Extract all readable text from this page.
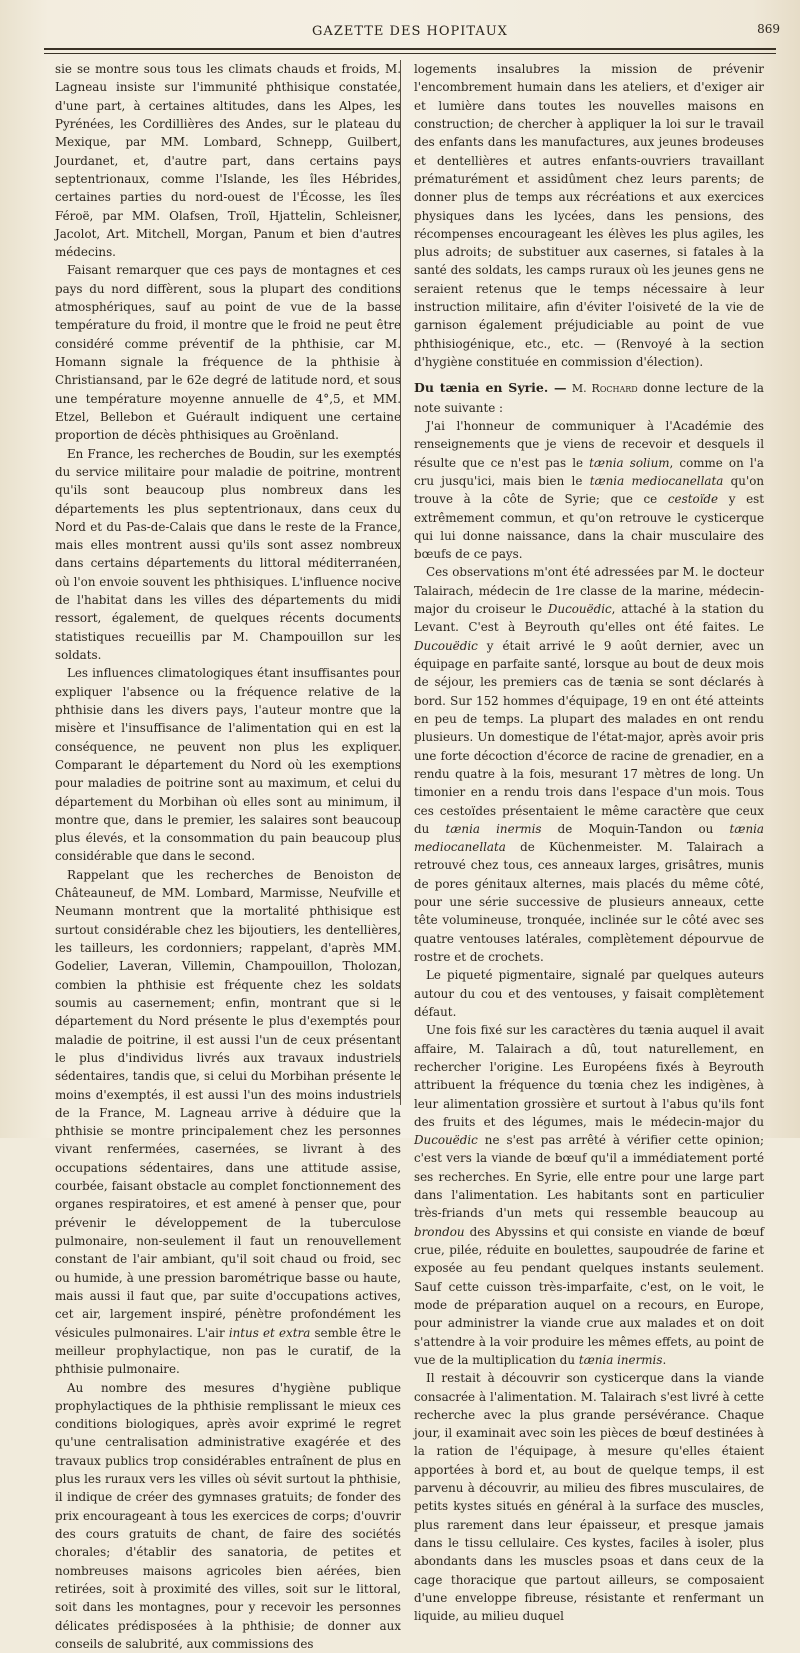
GAZETTE DES HOPITAUX	869

sie se montre sous tous les climats chauds et froids, M. Lagneau insiste sur l'immunité phthisique constatée, d'une part, à certaines altitudes, dans les Alpes, les Pyrénées, les Cordillières des Andes, sur le plateau du Mexique, par MM. Lombard, Schnepp, Guilbert, Jourdanet, et, d'autre part, dans certains pays septentrionaux, comme l'Islande, les îles Hébrides, certaines parties du nord-ouest de l'Écosse, les îles Féroë, par MM. Olafsen, Troïl, Hjattelin, Schleisner, Jacolot, Art. Mitchell, Morgan, Panum et bien d'autres médecins.

Faisant remarquer que ces pays de montagnes et ces pays du nord diffèrent, sous la plupart des conditions atmosphériques, sauf au point de vue de la basse température du froid, il montre que le froid ne peut être considéré comme préventif de la phthisie, car M. Homann signale la fréquence de la phthisie à Christiansand, par le 62e degré de latitude nord, et sous une température moyenne annuelle de 4°,5, et MM. Etzel, Bellebon et Guérault indiquent une certaine proportion de décès phthisiques au Groënland.

En France, les recherches de Boudin, sur les exemptés du service militaire pour maladie de poitrine, montrent qu'ils sont beaucoup plus nombreux dans les départements les plus septentrionaux, dans ceux du Nord et du Pas-de-Calais que dans le reste de la France, mais elles montrent aussi qu'ils sont assez nombreux dans certains départements du littoral méditerranéen, où l'on envoie souvent les phthisiques. L'influence nocive de l'habitat dans les villes des départements du midi ressort, également, de quelques récents documents statistiques recueillis par M. Champouillon sur les soldats.

Les influences climatologiques étant insuffisantes pour expliquer l'absence ou la fréquence relative de la phthisie dans les divers pays, l'auteur montre que la misère et l'insuffisance de l'alimentation qui en est la conséquence, ne peuvent non plus les expliquer. Comparant le département du Nord où les exemptions pour maladies de poitrine sont au maximum, et celui du département du Morbihan où elles sont au minimum, il montre que, dans le premier, les salaires sont beaucoup plus élevés, et la consommation du pain beaucoup plus considérable que dans le second.

Rappelant que les recherches de Benoiston de Châteauneuf, de MM. Lombard, Marmisse, Neufville et Neumann montrent que la mortalité phthisique est surtout considérable chez les bijoutiers, les dentellières, les tailleurs, les cordonniers; rappelant, d'après MM. Godelier, Laveran, Villemin, Champouillon, Tholozan, combien la phthisie est fréquente chez les soldats soumis au casernement; enfin, montrant que si le département du Nord présente le plus d'exemptés pour maladie de poitrine, il est aussi l'un de ceux présentant le plus d'individus livrés aux travaux industriels sédentaires, tandis que, si celui du Morbihan présente le moins d'exemptés, il est aussi l'un des moins industriels de la France, M. Lagneau arrive à déduire que la phthisie se montre principalement chez les personnes vivant renfermées, casernées, se livrant à des occupations sédentaires, dans une attitude assise, courbée, faisant obstacle au complet fonctionnement des organes respiratoires, et est amené à penser que, pour prévenir le développement de la tuberculose pulmonaire, non-seulement il faut un renouvellement constant de l'air ambiant, qu'il soit chaud ou froid, sec ou humide, à une pression barométrique basse ou haute, mais aussi il faut que, par suite d'occupations actives, cet air, largement inspiré, pénètre profondément les vésicules pulmonaires. L'air intus et extra semble être le meilleur prophylactique, non pas le curatif, de la phthisie pulmonaire.

Au nombre des mesures d'hygiène publique prophylactiques de la phthisie remplissant le mieux ces conditions biologiques, après avoir exprimé le regret qu'une centralisation administrative exagérée et des travaux publics trop considérables entraînent de plus en plus les ruraux vers les villes où sévit surtout la phthisie, il indique de créer des gymnases gratuits; de fonder des prix encourageant à tous les exercices de corps; d'ouvrir des cours gratuits de chant, de faire des sociétés chorales; d'établir des sanatoria, de petites et nombreuses maisons agricoles bien aérées, bien retirées, soit à proximité des villes, soit sur le littoral, soit dans les montagnes, pour y recevoir les personnes délicates prédisposées à la phthisie; de donner aux conseils de salubrité, aux commissions des

logements insalubres la mission de prévenir l'encombrement humain dans les ateliers, et d'exiger air et lumière dans toutes les nouvelles maisons en construction; de chercher à appliquer la loi sur le travail des enfants dans les manufactures, aux jeunes brodeuses et dentellières et autres enfants-ouvriers travaillant prématurément et assidûment chez leurs parents; de donner plus de temps aux récréations et aux exercices physiques dans les lycées, dans les pensions, des récompenses encourageant les élèves les plus agiles, les plus adroits; de substituer aux casernes, si fatales à la santé des soldats, les camps ruraux où les jeunes gens ne seraient retenus que le temps nécessaire à leur instruction militaire, afin d'éviter l'oisiveté de la vie de garnison également préjudiciable au point de vue phthisiogénique, etc., etc. — (Renvoyé à la section d'hygiène constituée en commission d'élection).

Du tænia en Syrie. — M. Rochard donne lecture de la note suivante :

J'ai l'honneur de communiquer à l'Académie des renseignements que je viens de recevoir et desquels il résulte que ce n'est pas le tænia solium, comme on l'a cru jusqu'ici, mais bien le tænia mediocanellata qu'on trouve à la côte de Syrie; que ce cestoïde y est extrêmement commun, et qu'on retrouve le cysticerque qui lui donne naissance, dans la chair musculaire des bœufs de ce pays.

Ces observations m'ont été adressées par M. le docteur Talairach, médecin de 1re classe de la marine, médecin-major du croiseur le Ducouëdic, attaché à la station du Levant. C'est à Beyrouth qu'elles ont été faites. Le Ducouëdic y était arrivé le 9 août dernier, avec un équipage en parfaite santé, lorsque au bout de deux mois de séjour, les premiers cas de tænia se sont déclarés à bord. Sur 152 hommes d'équipage, 19 en ont été atteints en peu de temps. La plupart des malades en ont rendu plusieurs. Un domestique de l'état-major, après avoir pris une forte décoction d'écorce de racine de grenadier, en a rendu quatre à la fois, mesurant 17 mètres de long. Un timonier en a rendu trois dans l'espace d'un mois. Tous ces cestoïdes présentaient le même caractère que ceux du tænia inermis de Moquin-Tandon ou tænia mediocanellata de Küchenmeister. M. Talairach a retrouvé chez tous, ces anneaux larges, grisâtres, munis de pores génitaux alternes, mais placés du même côté, pour une série successive de plusieurs anneaux, cette tête volumineuse, tronquée, inclinée sur le côté avec ses quatre ventouses latérales, complètement dépourvue de rostre et de crochets.

Le piqueté pigmentaire, signalé par quelques auteurs autour du cou et des ventouses, y faisait complètement défaut.

Une fois fixé sur les caractères du tænia auquel il avait affaire, M. Talairach a dû, tout naturellement, en rechercher l'origine. Les Européens fixés à Beyrouth attribuent la fréquence du tœnia chez les indigènes, à leur alimentation grossière et surtout à l'abus qu'ils font des fruits et des légumes, mais le médecin-major du Ducouëdic ne s'est pas arrêté à vérifier cette opinion; c'est vers la viande de bœuf qu'il a immédiatement porté ses recherches. En Syrie, elle entre pour une large part dans l'alimentation. Les habitants sont en particulier très-friands d'un mets qui ressemble beaucoup au brondou des Abyssins et qui consiste en viande de bœuf crue, pilée, réduite en boulettes, saupoudrée de farine et exposée au feu pendant quelques instants seulement. Sauf cette cuisson très-imparfaite, c'est, on le voit, le mode de préparation auquel on a recours, en Europe, pour administrer la viande crue aux malades et on doit s'attendre à la voir produire les mêmes effets, au point de vue de la multiplication du tænia inermis.

Il restait à découvrir son cysticerque dans la viande consacrée à l'alimentation. M. Talairach s'est livré à cette recherche avec la plus grande persévérance. Chaque jour, il examinait avec soin les pièces de bœuf destinées à la ration de l'équipage, à mesure qu'elles étaient apportées à bord et, au bout de quelque temps, il est parvenu à découvrir, au milieu des fibres musculaires, de petits kystes situés en général à la surface des muscles, plus rarement dans leur épaisseur, et presque jamais dans le tissu cellulaire. Ces kystes, faciles à isoler, plus abondants dans les muscles psoas et dans ceux de la cage thoracique que partout ailleurs, se composaient d'une enveloppe fibreuse, résistante et renfermant un liquide, au milieu duquel
